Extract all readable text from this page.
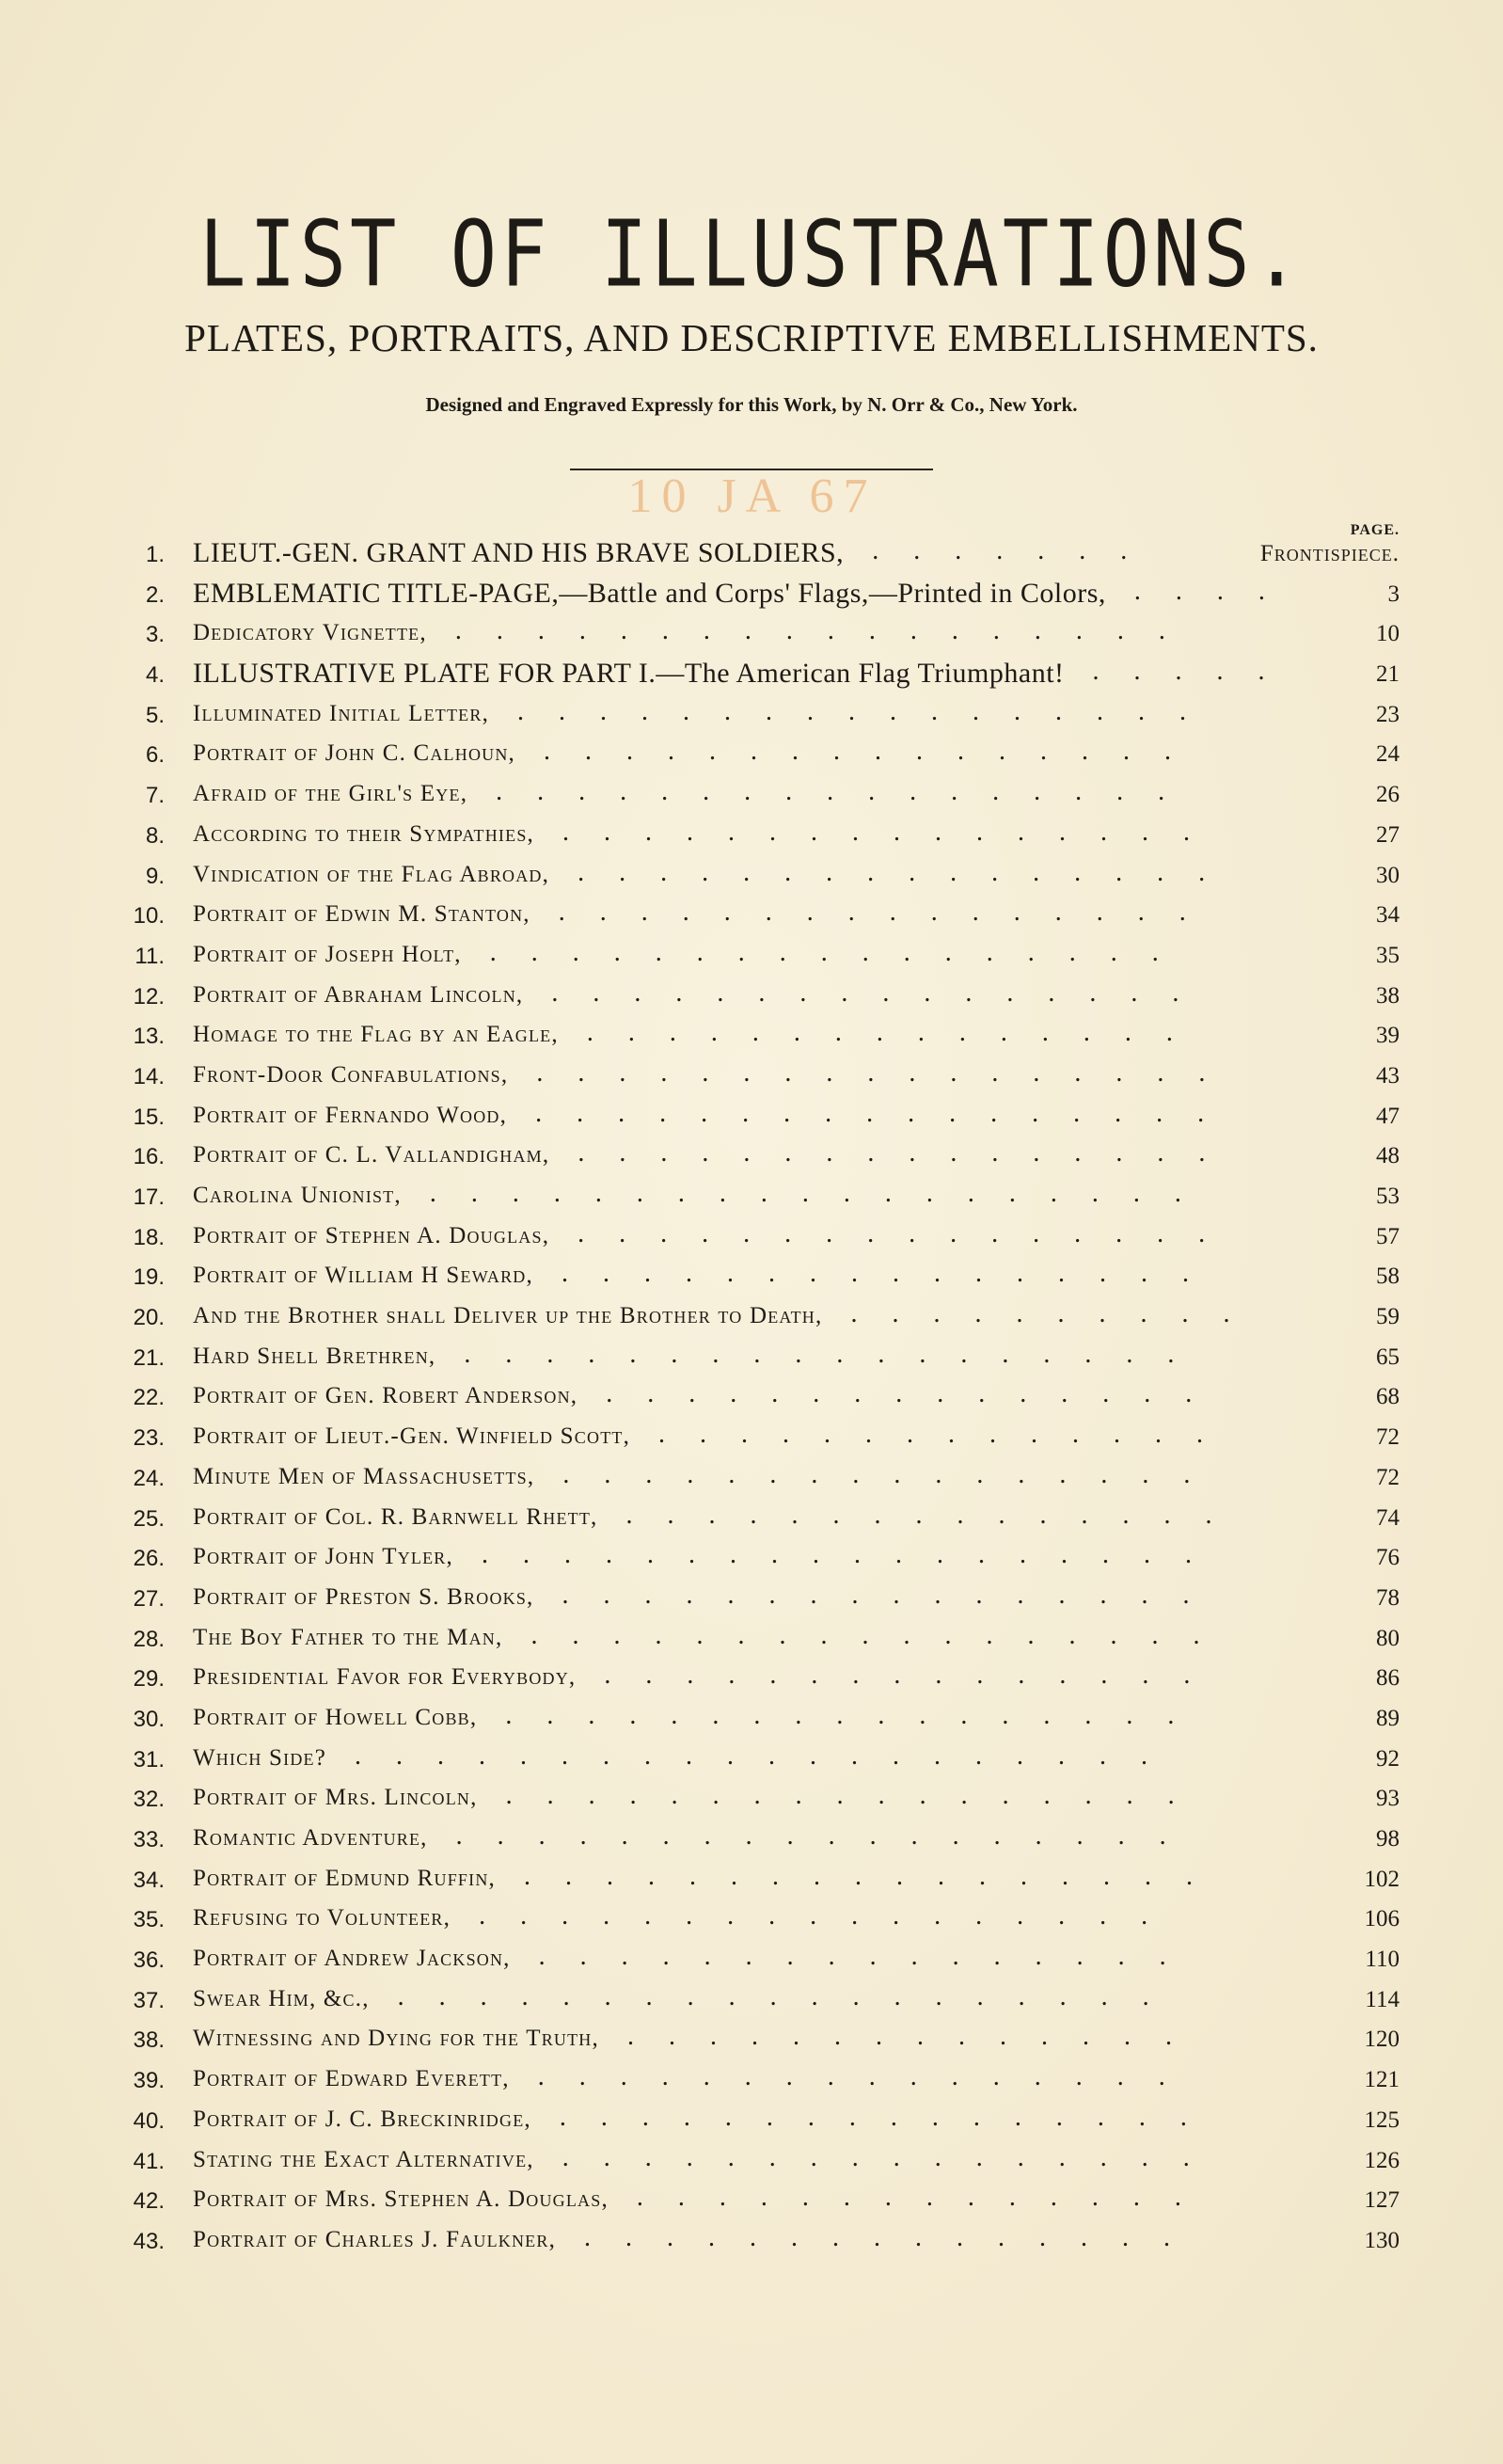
LIST OF ILLUSTRATIONS.
PLATES, PORTRAITS, AND DESCRIPTIVE EMBELLISHMENTS.
Designed and Engraved Expressly for this Work, by N. Orr & Co., New York.
10 JA 67
PAGE.
1. LIEUT.-GEN. GRANT AND HIS BRAVE SOLDIERS, .......	Frontispiece.
2. EMBLEMATIC TITLE-PAGE,—Battle and Corps' Flags,—Printed in Colors, ....	3
3. Dedicatory Vignette, ..................	10
4. ILLUSTRATIVE PLATE FOR PART I.—The American Flag Triumphant! .....	21
5. Illuminated Initial Letter, .................	23
6. Portrait of John C. Calhoun, ................	24
7. Afraid of the Girl's Eye, .................	26
8. According to their Sympathies, ................	27
9. Vindication of the Flag Abroad, ................	30
10. Portrait of Edwin M. Stanton, ................	34
11. Portrait of Joseph Holt, .................	35
12. Portrait of Abraham Lincoln, ................	38
13. Homage to the Flag by an Eagle, ...............	39
14. Front-Door Confabulations, .................	43
15. Portrait of Fernando Wood, .................	47
16. Portrait of C. L. Vallandigham, ................	48
17. Carolina Unionist, ...................	53
18. Portrait of Stephen A. Douglas, ................	57
19. Portrait of William H Seward, ................	58
20. And the Brother shall Deliver up the Brother to Death, ..........	59
21. Hard Shell Brethren, ..................	65
22. Portrait of Gen. Robert Anderson, ...............	68
23. Portrait of Lieut.-Gen. Winfield Scott, ..............	72
24. Minute Men of Massachusetts, ................	72
25. Portrait of Col. R. Barnwell Rhett, ...............	74
26. Portrait of John Tyler, ..................	76
27. Portrait of Preston S. Brooks, ................	78
28. The Boy Father to the Man, .................	80
29. Presidential Favor for Everybody, ...............	86
30. Portrait of Howell Cobb, .................	89
31. Which Side? ....................	92
32. Portrait of Mrs. Lincoln, .................	93
33. Romantic Adventure, ..................	98
34. Portrait of Edmund Ruffin, .................	102
35. Refusing to Volunteer, .................	106
36. Portrait of Andrew Jackson, ................	110
37. Swear Him, &c., ...................	114
38. Witnessing and Dying for the Truth, ..............	120
39. Portrait of Edward Everett, ................	121
40. Portrait of J. C. Breckinridge, ................	125
41. Stating the Exact Alternative, ................	126
42. Portrait of Mrs. Stephen A. Douglas, ..............	127
43. Portrait of Charles J. Faulkner, ...............	130
